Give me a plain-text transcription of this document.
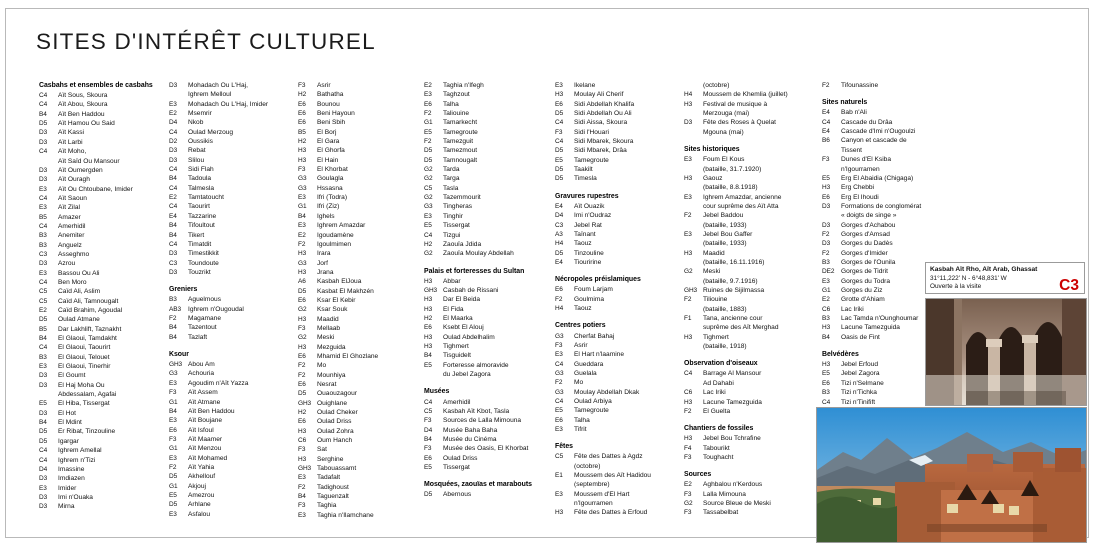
SITES D'INTÉRÊT CULTUREL
Casbahs et ensembles de casbahs
C4	Aït Sous, Skoura
C4	Aït Abou, Skoura
B4	Aït Ben Haddou
D5	Aït Hamou Ou Said
D3	Aït Kassi
D3	Aït Larbi
C4	Aït Moho,
Aït Saïd Ou Mansour
D3	Aït Oumergden
D3	Aït Ouragh
E3	Aït Ou Chtoubane, Imider
C4	Aït Saoun
E3	Aït Zilal
B5	Amazer
C4	Amerhidil
B3	Anemiter
B3	Anguelz
C3	Asseghmo
D3	Azrou
E3	Bassou Ou Ali
C4	Ben Moro
C5	Caïd Ali, Aslim
C5	Caïd Ali, Tamnougalt
E2	Caïd Brahim, Agoudal
D5	Oulad Atmane
B5	Dar Lakhlift, Taznakht
B4	El Glaoui, Tamdakht
C4	El Glaoui, Taourirt
B3	El Glaoui, Telouet
E3	El Glaoui, Tinerhir
D3	El Goumt
D3	El Haj Moha Ou
Abdessalam, Agafai
E5	El Hiba, Tissergat
D3	El Hot
B4	El Mdint
D5	Er Ribat, Tinzouline
D5	Igargar
C4	Ighrem Amellal
C4	Ighrem n'Tizi
D4	Imassine
D3	Imdiazen
E3	Imider
D3	Imi n'Ouaka
D3	Mirna
D3	Mohadach Ou L'Haj,
Ighrem Melloul
E3	Mohadach Ou L'Haj, Imider
E2	Msemrir
D4	Nkob
C4	Oulad Merzoug
D2	Oussikis
D3	Rebat
D3	Slilou
C4	Sidi Flah
B4	Tadoula
C4	Talmesla
E2	Tamtatoucht
C4	Taourirt
E4	Tazzarine
B4	Tifoultout
B4	Tikert
C4	Timatdit
D3	Timestikkit
C3	Toundoute
D3	Touzrikt
Greniers
B3	Aguelmous
AB3	Ighrem n'Ougoudal
F2	Magamane
B4	Tazentout
B4	Tazlaft
Ksour
GH3 Abou Am
G3	Achouria
E3	Agoudim n'Aït Yazza
F3	Aït Assem
G1	Aït Atmane
B4	Aït Ben Haddou
E3	Aït Boujane
E6	Aït Isfoul
F3	Aït Maamer
G1	Aït Menzou
E3	Aït Mohamed
F2	Aït Yahia
D5	Akhellouf
G1	Akjouj
E5	Amezrou
D5	Arhlane
E3	Asfalou
F3	Asrir
H2	Bathatha
E6	Bounou
E6	Beni Hayoun
E6	Beni Sbih
B5	El Borj
H2	El Gara
H3	El Ghorfa
H3	El Hain
F3	El Khorbat
G3	Goulagla
G3	Hssasna
E3	Ifri (Todra)
G1	Ifri (Ziz)
B4	Ighels
E3	Ighrem Amazdar
E2	Igoudamène
F2	Igoulmimen
H3	Irara
G3	Jorf
H3	Jrana
A6	Kasbah ElJoua
D5	Kasbat El Makhzén
E6	Ksar El Kebir
G2	Ksar Souk
H3	Maadid
F3	Mellaab
G2	Meski
H3	Mezguida
E6	Mhamid El Ghozlane
F2	Mo
F2	Mounhiya
E6	Nesrat
D5	Ouaouzagour
GH3 Ouighlane
H2	Oulad Cheker
E6	Oulad Driss
H3	Oulad Zohra
C6	Oum Hanch
F3	Sat
H3	Serghine
GH3 Tabouassamt
E3	Tadafalt
F2	Tadighoust
B4	Taguenzalt
F3	Taghia
E3	Taghia n'Ilamchane
E2	Taghia n'Ifegh
E3	Taghzout
E6	Talha
F2	Taliouine
G1	Tamarkecht
E5	Tamegroute
F2	Tamezguit
D5	Tamezmout
D5	Tamnougalt
G2	Tarda
G2	Targa
C5	Tasla
G2	Tazemmourit
G3	Tingheras
E3	Tinghir
E5	Tissergat
C4	Tizgui
H2	Zaouïa Jdida
G2	Zaouïa Moulay Abdellah
Palais et forteresses du Sultan
H3	Abbar
GH3 Casbah de Rissani
H3	Dar El Beida
H3	El Fida
H2	El Maarka
E6	Ksebt El Alouj
H3	Oulad Abdelhalim
H3	Tighmert
B4	Tisguidelt
E5	Forteresse almoravide
du Jebel Zagora
Musées
C4	Amerhidil
C5	Kasbah Aït Kbot, Tasla
F3	Sources de Lalla Mimouna
D4	Musée Baha Baha
B4	Musée du Cinéma
F3	Musée des Oasis, El Khorbat
E6	Oulad Driss
E5	Tissergat
Mosquées, zaouïas et marabouts
D5	Abernous
E3	Ikelane
H3	Moulay Ali Cherif
E6	Sidi Abdellah Khalifa
D5	Sidi Abdellah Ou Ali
C4	Sidi Aissa, Skoura
F3	Sidi l'Houari
C4	Sidi Mbarek, Skoura
D5	Sidi Mbarek, Drâa
E5	Tamegroute
D5	Taakilt
D5	Timesla
Gravures rupestres
E4	Aït Ouazik
D4	Imi n'Oudraz
C3	Jebel Rat
A3	Taïnant
H4	Taouz
D5	Tinzouline
E4	Tiouririne
Nécropoles préislamiques
E6	Foum Larjam
F2	Goulmima
H4	Taouz
Centres potiers
G3	Cherfat Bahaj
F3	Asrir
E3	El Hart n'laamine
C4	Gueddara
G3	Guelala
F2	Mo
G3	Moulay Abdellah Dkak
C4	Oulad Arbiya
E5	Tamegroute
E6	Talha
E3	Tifrit
Fêtes
C5	Fête des Dattes à Agdz
(octobre)
E1	Moussem des Aït Hadidou
(septembre)
E3	Moussem d'El Hart
n'Igourramen
H3	Fête des Dattes à Erfoud
(octobre)
H4	Moussem de Khemlia (juillet)
H3	Festival de musique à
Merzouga (mai)
D3	Fête des Roses à Quelat
Mgouna (mai)
Sites historiques
E3	Foum El Kous
(bataille, 31.7.1920)
H3	Gaouz
(bataille, 8.8.1918)
E3	Ighrem Amazdar, ancienne
cour suprême des Aït Atta
F2	Jebel Baddou
(bataille, 1933)
E3	Jebel Bou Gaffer
(bataille, 1933)
H3	Maadid
(bataille, 16.11.1916)
G2	Meski
(bataille, 9.7.1916)
GH3 Ruines de Sijilmassa
F2	Tiliouine
(bataille, 1883)
F1	Tana, ancienne cour
suprême des Aït Merghad
H3	Tighmert
(bataille, 1918)
Observation d'oiseaux
C4	Barrage Al Mansour
Ad Dahabi
C6	Lac Iriki
H3	Lacune Tamezguida
F2	El Guelta
Chantiers de fossiles
H3	Jebel Bou Tchrafine
F4	Tabourikt
F3	Toughacht
Sources
E2	Aghbalou n'Kerdous
F3	Lalla Mimouna
G2	Source Bleue de Meski
F3	Tassabelbat
F2	Tifounassine
Sites naturels
E4	Bab n'Ali
C4	Cascade du Drâa
E4	Cascade d'Imi n'Ougoulzi
B6	Canyon et cascade de
Tissent
F3	Dunes d'El Ksiba
n'Igourramen
E5	Erg El Abaidia (Chigaga)
H3	Erg Chebbi
E6	Erg El Ihoudi
D3	Formations de conglomérat
« doigts de singe »
D3	Gorges d'Achabou
F2	Gorges d'Amsad
D3	Gorges du Dadès
F2	Gorges d'Imider
B3	Gorges de l'Ounila
DE2	Gorges de Tidrit
E3	Gorges du Todra
G1	Gorges du Ziz
E2	Grotte d'Ahiam
C6	Lac Iriki
B3	Lac Tamda n'Ounghoumar
H3	Lacune Tamezguida
B4	Oasis de Fint
Belvédères
H3	Jebel Erfoud
E5	Jebel Zagora
E6	Tizi n'Selmane
B3	Tizi n'Tichka
C4	Tizi n'Tinifift
Kasbah Aït Rho, Aït Arab, Ghassat
31°11,222' N - 6°48,831' W
Ouverte à la visite	C3
